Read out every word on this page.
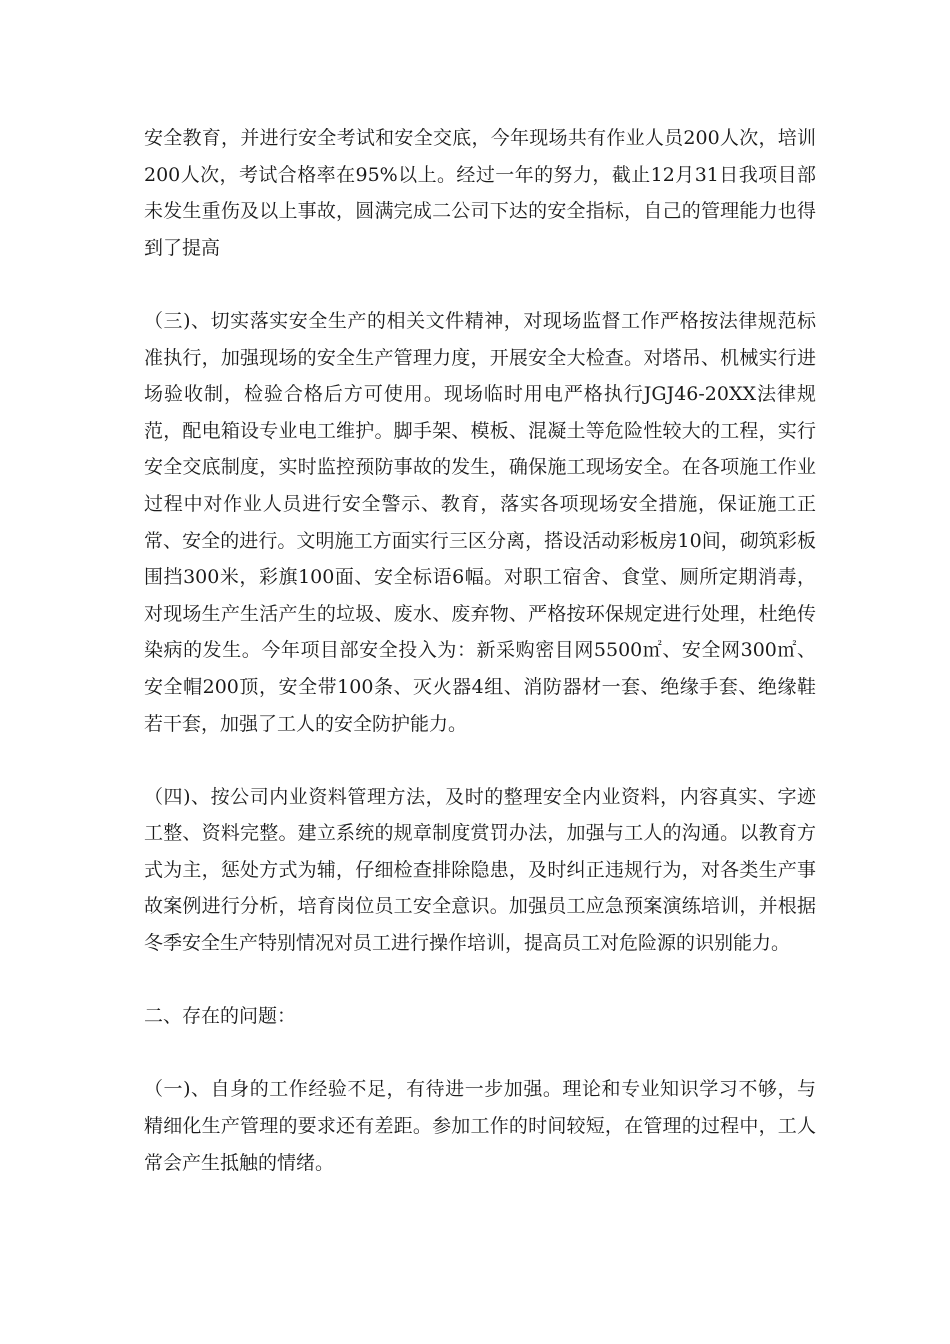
安全教育，并进行安全考试和安全交底，今年现场共有作业人员200人次，培训200人次，考试合格率在95%以上。经过一年的努力，截止12月31日我项目部未发生重伤及以上事故，圆满完成二公司下达的安全指标，自己的管理能力也得到了提高

（三)、切实落实安全生产的相关文件精神，对现场监督工作严格按法律规范标准执行，加强现场的安全生产管理力度，开展安全大检查。对塔吊、机械实行进场验收制，检验合格后方可使用。现场临时用电严格执行JGJ46-20XX法律规范，配电箱设专业电工维护。脚手架、模板、混凝土等危险性较大的工程，实行安全交底制度，实时监控预防事故的发生，确保施工现场安全。在各项施工作业过程中对作业人员进行安全警示、教育，落实各项现场安全措施，保证施工正常、安全的进行。文明施工方面实行三区分离，搭设活动彩板房10间，砌筑彩板围挡300米，彩旗100面、安全标语6幅。对职工宿舍、食堂、厕所定期消毒，对现场生产生活产生的垃圾、废水、废弃物、严格按环保规定进行处理，杜绝传染病的发生。今年项目部安全投入为：新采购密目网5500㎡、安全网300㎡、安全帽200顶，安全带100条、灭火器4组、消防器材一套、绝缘手套、绝缘鞋若干套，加强了工人的安全防护能力。

（四)、按公司内业资料管理方法，及时的整理安全内业资料，内容真实、字迹工整、资料完整。建立系统的规章制度赏罚办法，加强与工人的沟通。以教育方式为主，惩处方式为辅，仔细检查排除隐患，及时纠正违规行为，对各类生产事故案例进行分析，培育岗位员工安全意识。加强员工应急预案演练培训，并根据冬季安全生产特别情况对员工进行操作培训，提高员工对危险源的识别能力。

二、存在的问题：

（一)、自身的工作经验不足，有待进一步加强。理论和专业知识学习不够，与精细化生产管理的要求还有差距。参加工作的时间较短，在管理的过程中，工人常会产生抵触的情绪。
